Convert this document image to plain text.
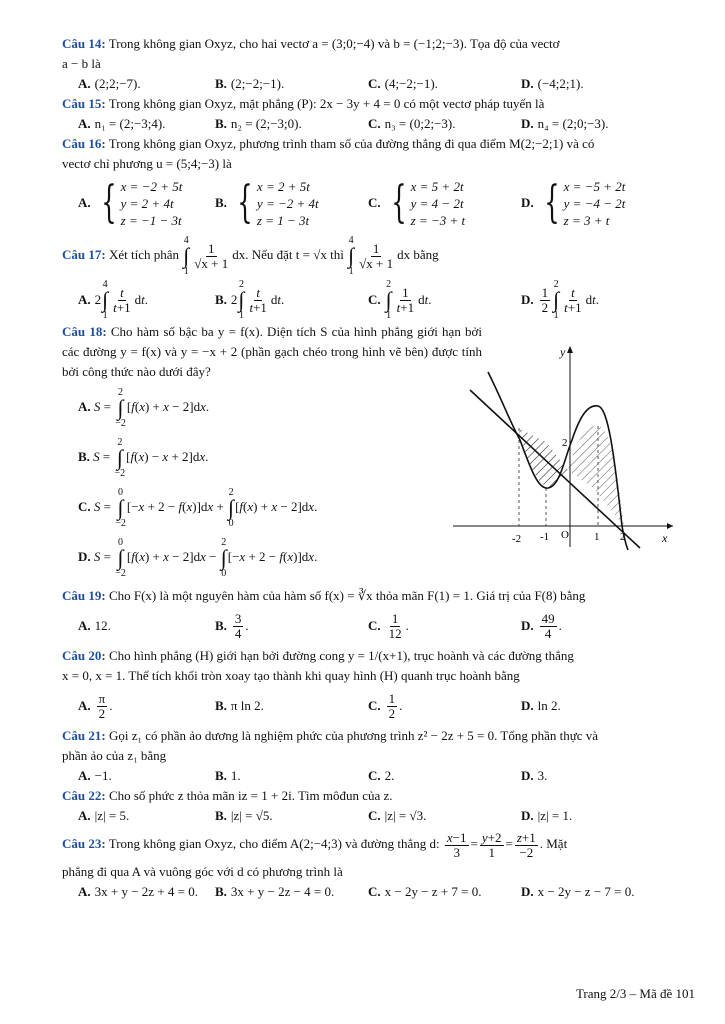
Câu 14: Trong không gian Oxyz, cho hai vectơ a = (3;0;−4) và b = (−1;2;−3). Tọa độ của vectơ

a − b là

A. (2;2;−7).	B. (2;−2;−1).	C. (4;−2;−1).	D. (−4;2;1).

Câu 15: Trong không gian Oxyz, mặt phẳng (P): 2x − 3y + 4 = 0 có một vectơ pháp tuyến là

A. n₁ = (2;−3;4).	B. n₂ = (2;−3;0).	C. n₃ = (0;2;−3).	D. n₄ = (2;0;−3).

Câu 16: Trong không gian Oxyz, phương trình tham số của đường thẳng đi qua điểm M(2;−2;1) và có

vectơ chỉ phương u = (5;4;−3) là

A. { x = −2 + 5t
y = 2 + 4t
z = −1 − 3t
B. { x = 2 + 5t
y = −2 + 4t
z = 1 − 3t
C. { x = 5 + 2t
y = 4 − 2t
z = −3 + t
D. { x = −5 + 2t
y = −4 − 2t
z = 3 + t

Câu 17: Xét tích phân
4
∫
1
$\frac{1}{√x + 1}$ dx. Nếu đặt t = √x thì
4
∫
1
$\frac{1}{√x + 1}$ dx bằng

A. 2
4
∫
1
$\frac{t}{t+1}$ d t .	B. 2
2
∫
1
$\frac{t}{t+1}$ d t .	C.
2
∫
1
$\frac{1}{t+1}$ d t .	D. $\frac{1}{2}$
2
∫
1
$\frac{t}{t+1}$ d t .

Câu 18: Cho hàm số bậc ba y = f(x). Diện tích S của hình phẳng giới hạn bởi các đường y = f(x) và y = −x + 2 (phần gạch chéo trong hình vẽ bên) được tính bởi công thức nào dưới đây?

A. S =
2
∫
−2
[f(x) + x − 2]dx.
B. S =
2
∫
−2
[f(x) − x + 2]dx.
C. S =
0
∫
−2
[−x + 2 − f(x)]dx +
2
∫
0
[f(x) + x − 2]dx.
D. S =
0
∫
−2
[f(x) + x − 2]dx −
2
∫
0
[−x + 2 − f(x)]dx.

Câu 19: Cho F(x) là một nguyên hàm của hàm số f(x) = ∛x thỏa mãn F(1) = 1. Giá trị của F(8) bằng

A. 12.	B. $\frac{3}{4}$ .	C. $\frac{1}{12}$ .	D. $\frac{49}{4}$ .

Câu 20: Cho hình phẳng (H) giới hạn bởi đường cong y = 1/(x+1), trục hoành và các đường thẳng

x = 0, x = 1. Thể tích khối tròn xoay tạo thành khi quay hình (H) quanh trục hoành bằng

A. $\frac{\pi}{2}$ .	B. π ln 2.	C. $\frac{1}{2}$ .	D. ln 2.

Câu 21: Gọi z₁ có phần ảo dương là nghiệm phức của phương trình z² − 2z + 5 = 0. Tổng phần thực và

phần ảo của z₁ bằng

A. −1.	B. 1.	C. 2.	D. 3.

Câu 22: Cho số phức z thỏa mãn iz = 1 + 2i. Tìm môđun của z.

A. |z| = 5.	B. |z| = √5.	C. |z| = √3.	D. |z| = 1.

Câu 23: Trong không gian Oxyz, cho điểm A(2;−4;3) và đường thẳng d: $\frac{x-1}{3} = \frac{y+2}{1} = \frac{z+1}{-2}$ . Mặt

phẳng đi qua A và vuông góc với d có phương trình là

A. 3x + y − 2z + 4 = 0. B. 3x + y − 2z − 4 = 0.	C. x − 2y − z + 7 = 0.	D. x − 2y − z − 7 = 0.
y
x
-2 -1 O 1 2
2
Trang 2/3 – Mã đề 101
